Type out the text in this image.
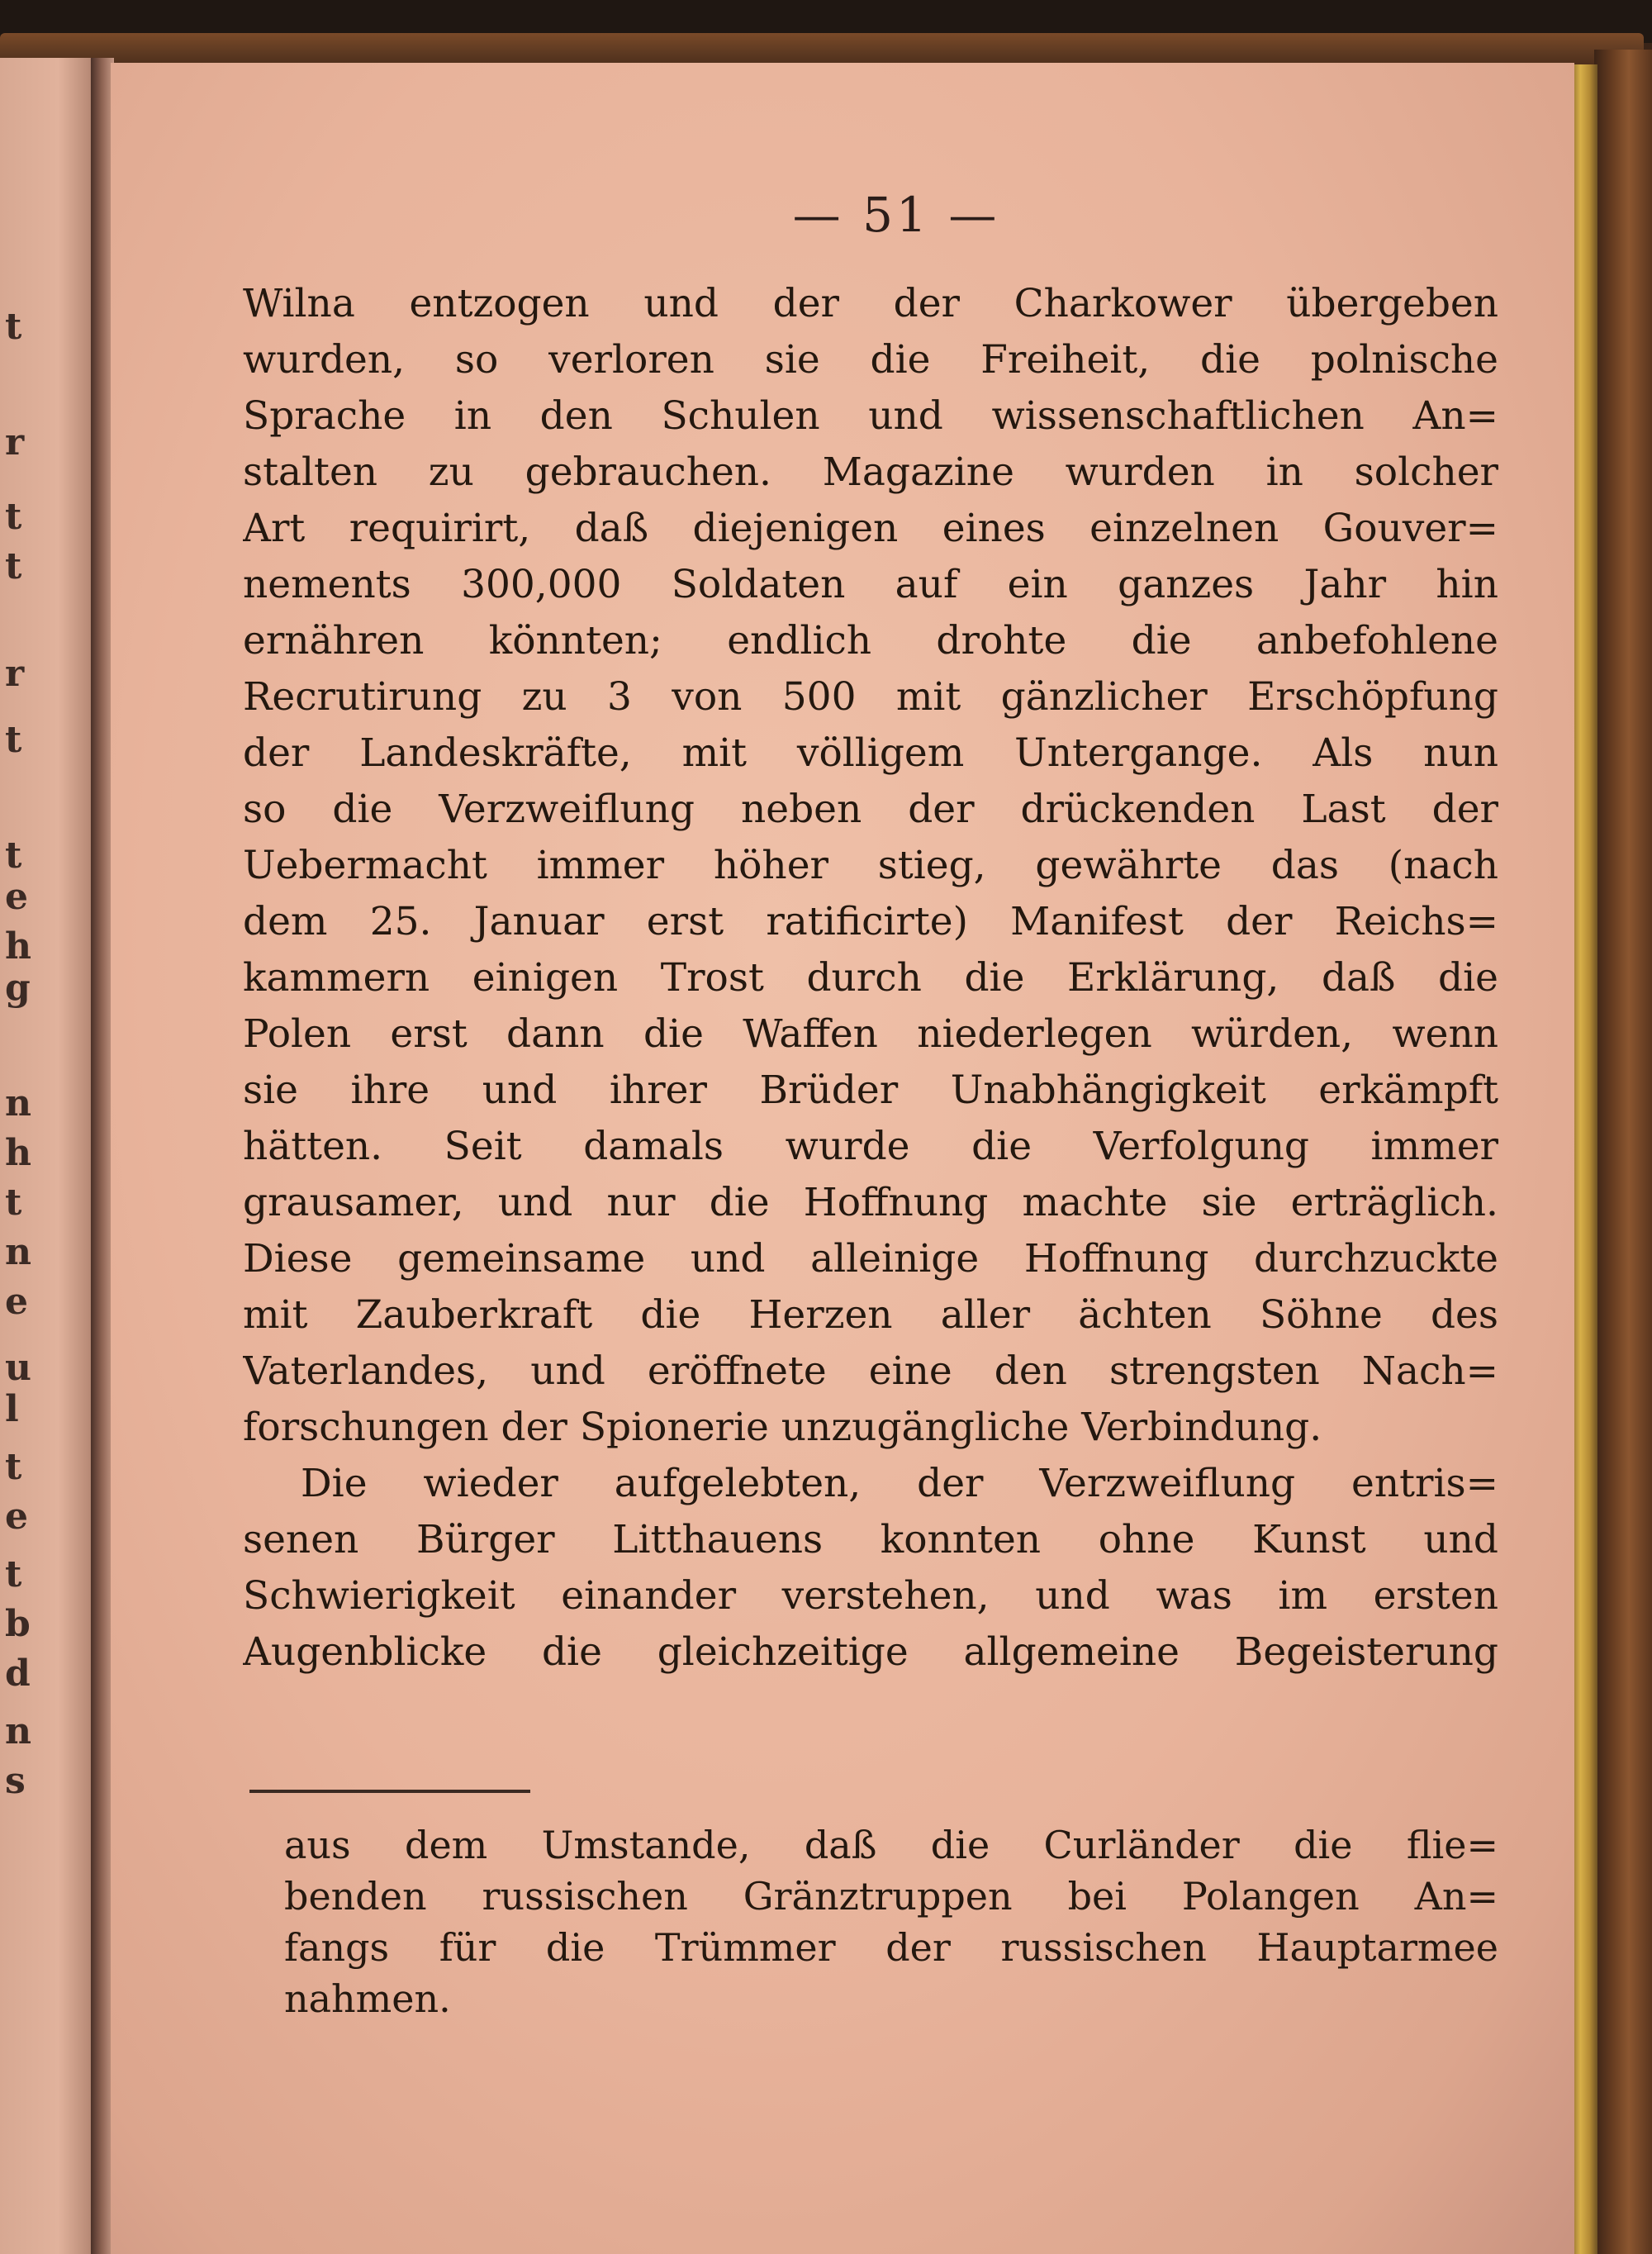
t
r
t
t
r
t
t
e
h
g
n
h
t
n
e
u
l
t
e
t
b
d
n
s
— 51 —
Wilna entzogen und der der Charkower übergeben
wurden, so verloren sie die Freiheit, die polnische
Sprache in den Schulen und wissenschaftlichen An=
stalten zu gebrauchen. Magazine wurden in solcher
Art requirirt, daß diejenigen eines einzelnen Gouver=
nements 300,000 Soldaten auf ein ganzes Jahr hin
ernähren könnten; endlich drohte die anbefohlene
Recrutirung zu 3 von 500 mit gänzlicher Erschöpfung
der Landeskräfte, mit völligem Untergange. Als nun
so die Verzweiflung neben der drückenden Last der
Uebermacht immer höher stieg, gewährte das (nach
dem 25. Januar erst ratificirte) Manifest der Reichs=
kammern einigen Trost durch die Erklärung, daß die
Polen erst dann die Waffen niederlegen würden, wenn
sie ihre und ihrer Brüder Unabhängigkeit erkämpft
hätten. Seit damals wurde die Verfolgung immer
grausamer, und nur die Hoffnung machte sie erträglich.
Diese gemeinsame und alleinige Hoffnung durchzuckte
mit Zauberkraft die Herzen aller ächten Söhne des
Vaterlandes, und eröffnete eine den strengsten Nach=
forschungen der Spionerie unzugängliche Verbindung.
Die wieder aufgelebten, der Verzweiflung entris=
senen Bürger Litthauens konnten ohne Kunst und
Schwierigkeit einander verstehen, und was im ersten
Augenblicke die gleichzeitige allgemeine Begeisterung
aus dem Umstande, daß die Curländer die flie=
benden russischen Gränztruppen bei Polangen An=
fangs für die Trümmer der russischen Hauptarmee
nahmen.
